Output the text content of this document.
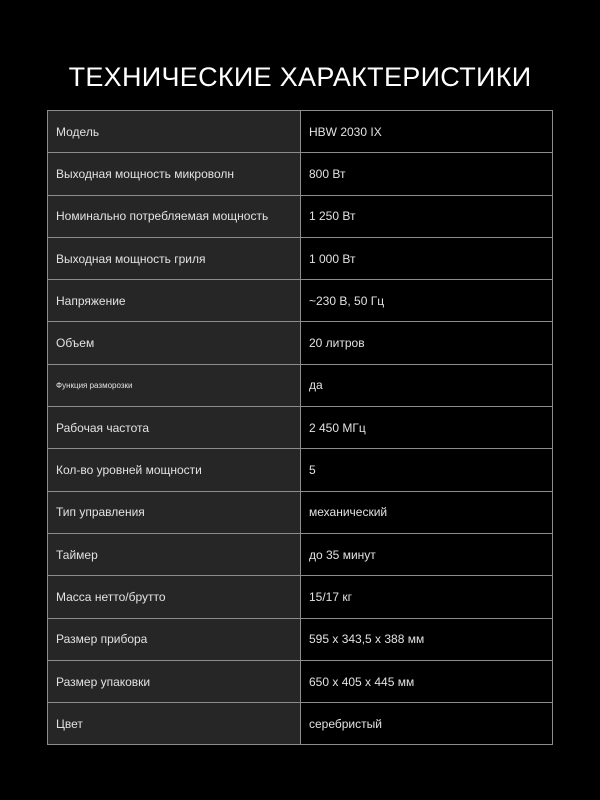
ТЕХНИЧЕСКИЕ ХАРАКТЕРИСТИКИ
Модель	HBW 2030 IX
Выходная мощность микроволн	800 Вт
Номинально потребляемая мощность	1 250 Вт
Выходная мощность гриля	1 000 Вт
Напряжение	~230 В, 50 Гц
Объем	20 литров
Функция разморозки	да
Рабочая частота	2 450 МГц
Кол-во уровней мощности	5
Тип управления	механический
Таймер	до 35 минут
Масса нетто/брутто	15/17 кг
Размер прибора	595 х 343,5 х 388 мм
Размер упаковки	650 х 405 х 445 мм
Цвет	серебристый
